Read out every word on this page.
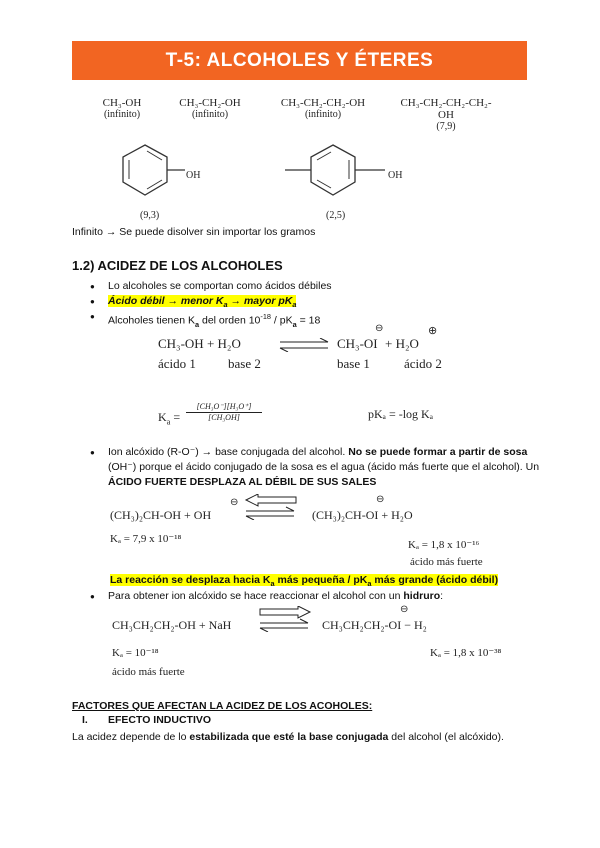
T-5: ALCOHOLES Y ÉTERES
CH₃-OH
(infinito)
CH₃-CH₂-OH
(infinito)
CH₃-CH₂-CH₂-OH
(infinito)
CH₃-CH₂-CH₂-CH₂-OH
(7,9)
OH
(9,3)
OH
(2,5)
Infinito → Se puede disolver sin importar los gramos
1.2) ACIDEZ DE LOS ALCOHOLES
● Lo alcoholes se comportan como ácidos débiles
● Ácido débil → menor $K_a$ → mayor $pK_a$
● Alcoholes tienen $K_a$ del orden $10^{-18} / pK_a = 18$
CH₃-OH + H₂O	CH₃-OI
⊖
+ H₂O
⊕
ácido 1 base 2	base 1	ácido 2
$K_a = \frac{\text{[CH₃O⁻][H₃O⁺]}}{\text{[CH₃OH]}}$	pKₐ = -log Kₐ
● Ion alcóxido (R-O⁻) → base conjugada del alcohol. No se puede formar a partir de sosa (OH⁻) porque el ácido conjugado de la sosa es el agua (ácido más fuerte que el alcohol). Un ÁCIDO FUERTE DESPLAZA AL DÉBIL DE SUS SALES
(CH₃)₂CH-OH + OH
⊖
(CH₃)₂CH-OI + H₂O
⊖
Kₐ = 7,9 x 10⁻¹⁸	Kₐ = 1,8 x 10⁻¹⁶
ácido más fuerte
La reacción se desplaza hacia $K_a$ más pequeña / $pK_a$ más grande (ácido débil)
● Para obtener ion alcóxido se hace reaccionar el alcohol con un hidruro:
CH₃CH₂CH₂-OH + NaH	CH₃CH₂CH₂-OI − H₂
⊖
Kₐ = 10⁻¹⁸	Kₐ = 1,8 x 10⁻³⁸
ácido más fuerte
FACTORES QUE AFECTAN LA ACIDEZ DE LOS ACOHOLES:
I. EFECTO INDUCTIVO
La acidez depende de lo estabilizada que esté la base conjugada del alcohol (el alcóxido).
